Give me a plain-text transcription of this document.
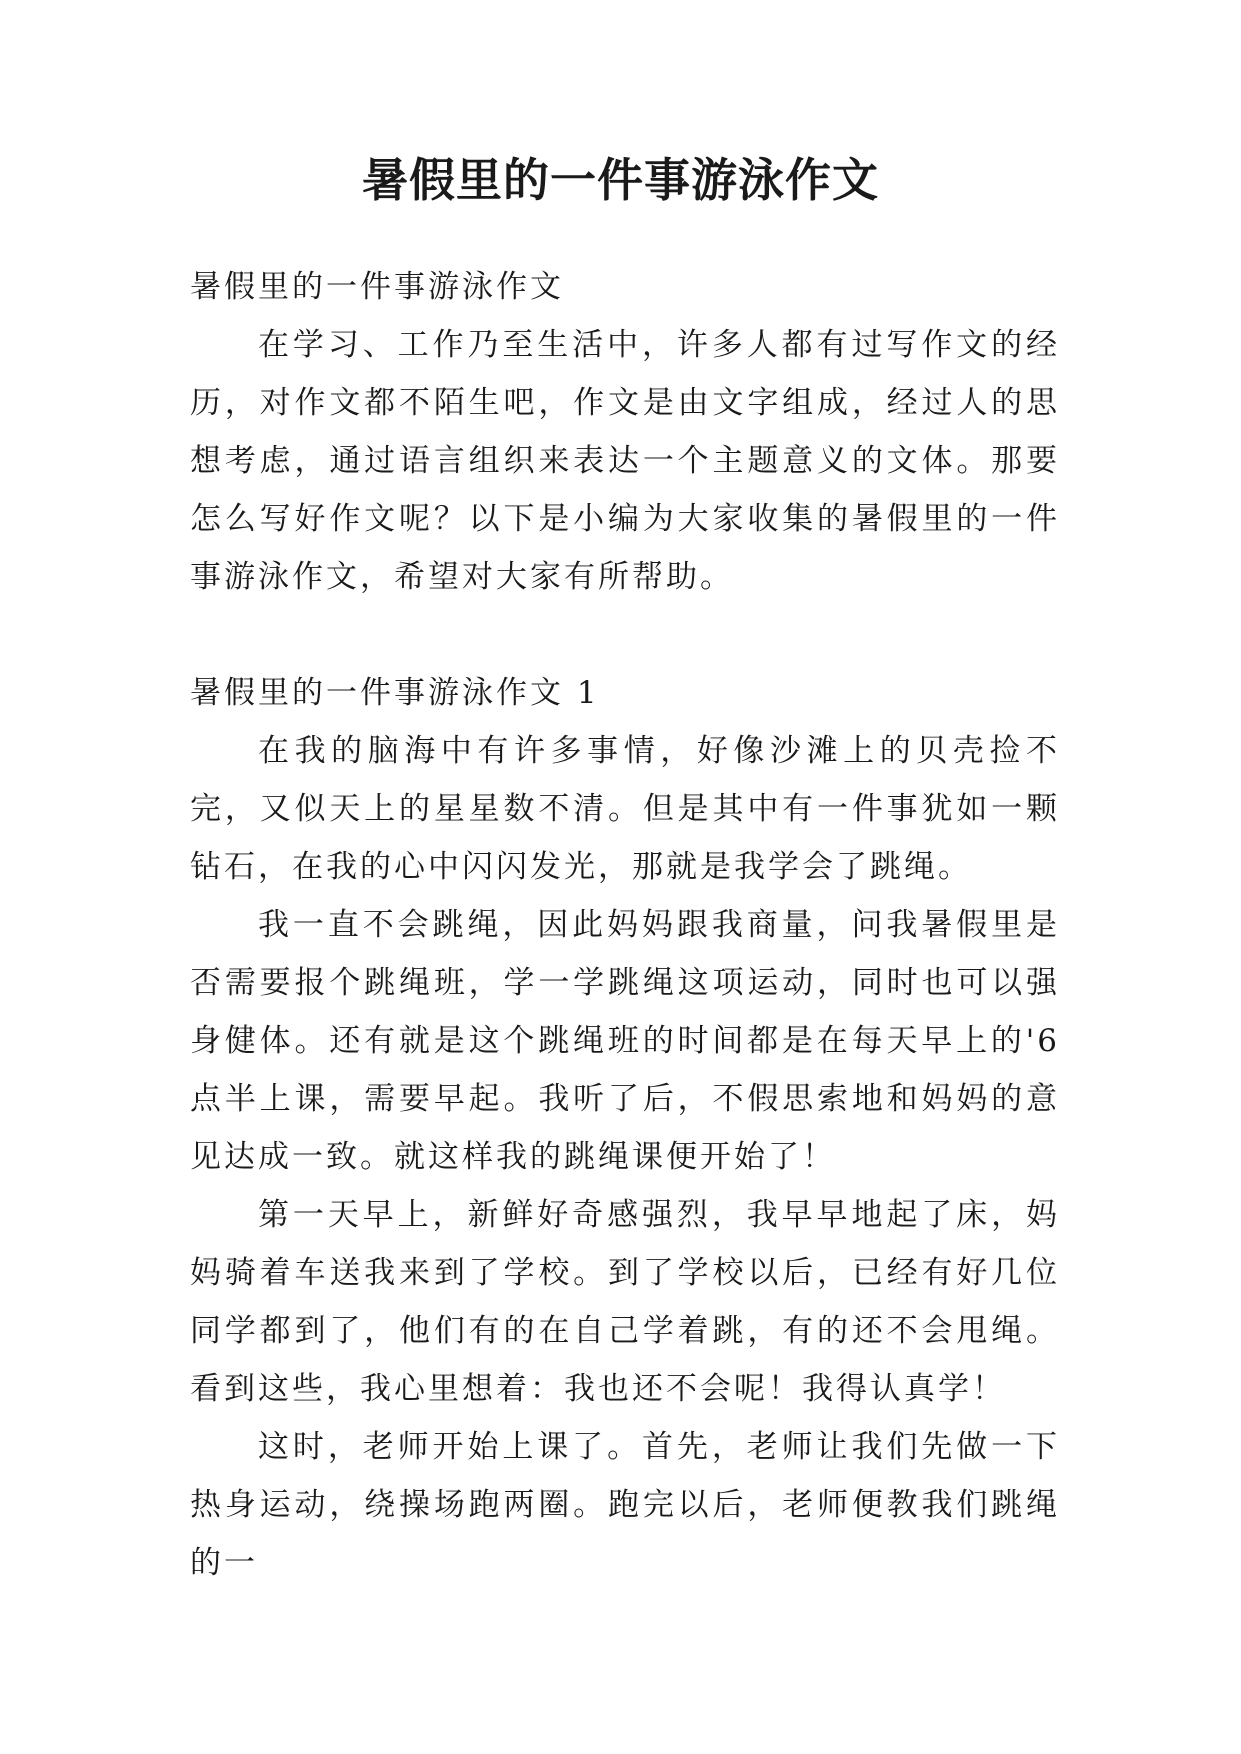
暑假里的一件事游泳作文

暑假里的一件事游泳作文

在学习、工作乃至生活中，许多人都有过写作文的经历，对作文都不陌生吧，作文是由文字组成，经过人的思想考虑，通过语言组织来表达一个主题意义的文体。那要怎么写好作文呢？以下是小编为大家收集的暑假里的一件事游泳作文，希望对大家有所帮助。

暑假里的一件事游泳作文 1

在我的脑海中有许多事情，好像沙滩上的贝壳捡不完，又似天上的星星数不清。但是其中有一件事犹如一颗钻石，在我的心中闪闪发光，那就是我学会了跳绳。

我一直不会跳绳，因此妈妈跟我商量，问我暑假里是否需要报个跳绳班，学一学跳绳这项运动，同时也可以强身健体。还有就是这个跳绳班的时间都是在每天早上的'6 点半上课，需要早起。我听了后，不假思索地和妈妈的意见达成一致。就这样我的跳绳课便开始了！

第一天早上，新鲜好奇感强烈，我早早地起了床，妈妈骑着车送我来到了学校。到了学校以后，已经有好几位同学都到了，他们有的在自己学着跳，有的还不会甩绳。看到这些，我心里想着：我也还不会呢！我得认真学！

这时，老师开始上课了。首先，老师让我们先做一下热身运动，绕操场跑两圈。跑完以后，老师便教我们跳绳的一
